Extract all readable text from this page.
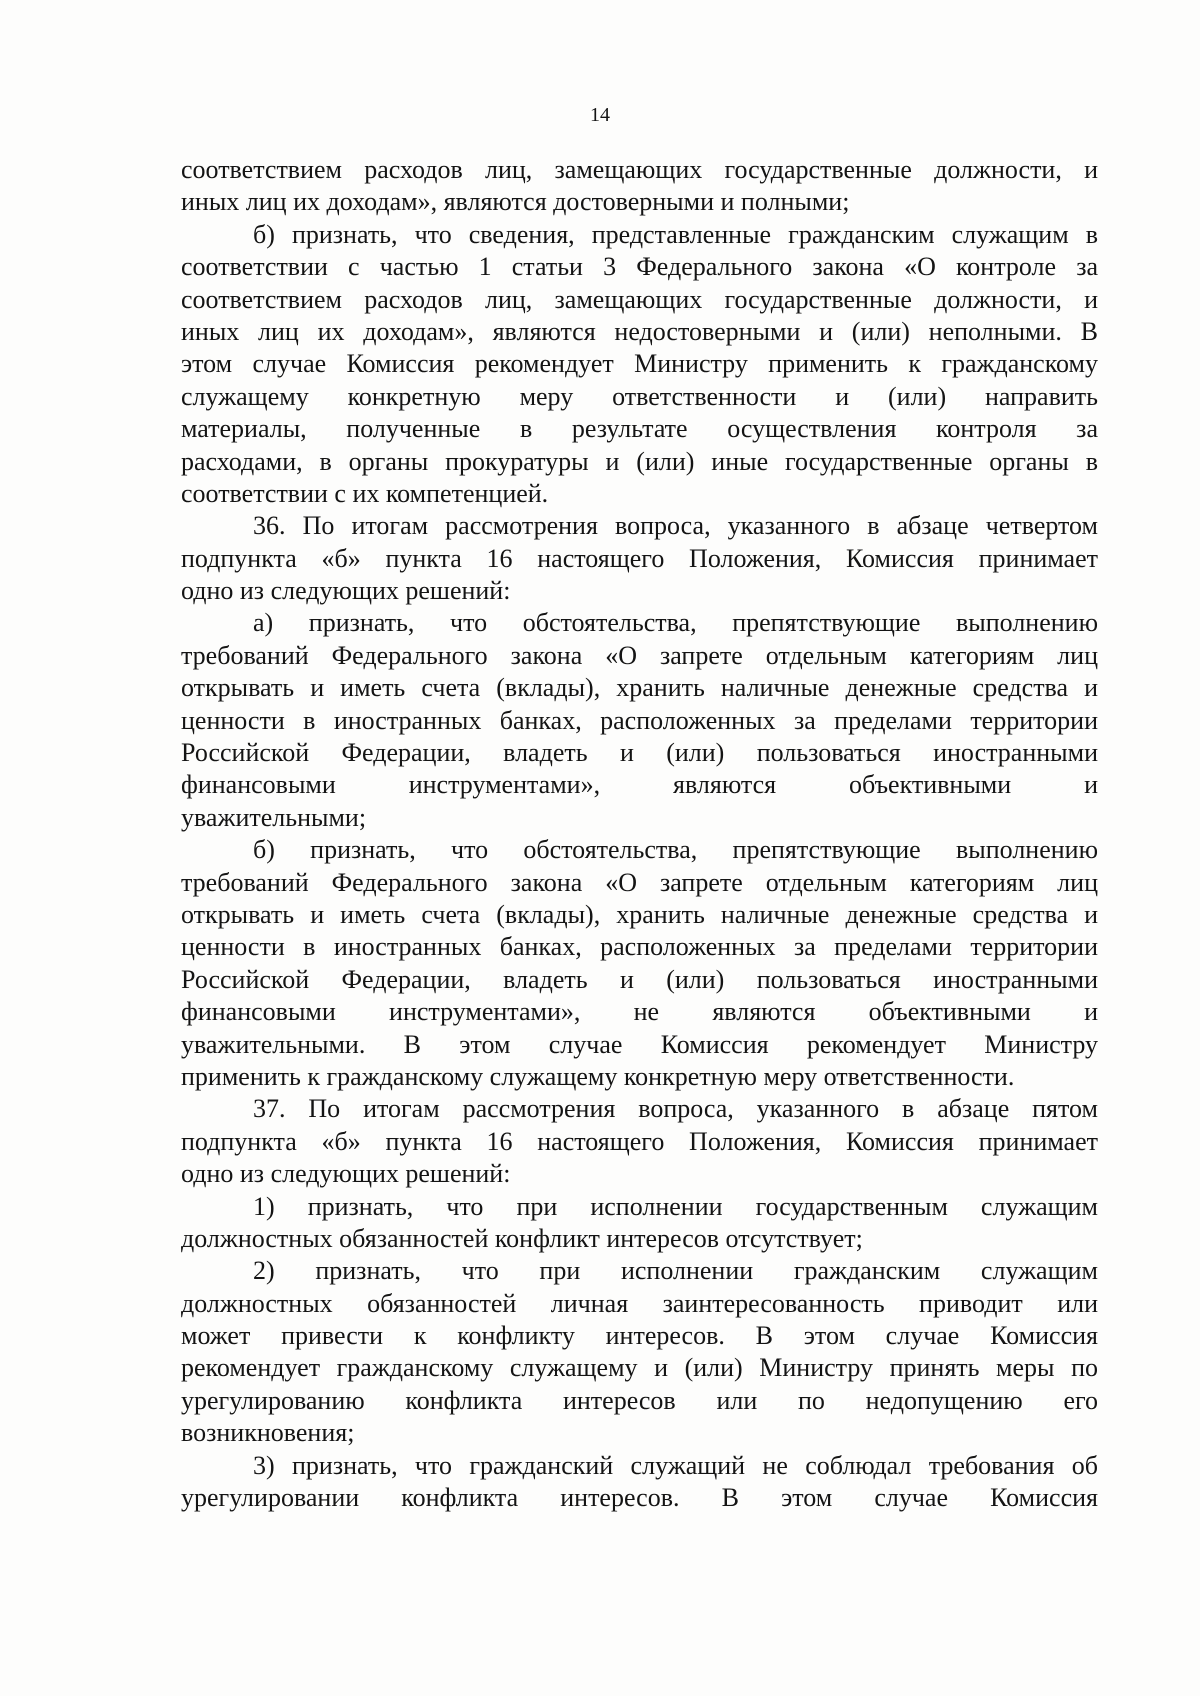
14
соответствием расходов лиц, замещающих государственные должности, и
иных лиц их доходам», являются достоверными и полными;
б) признать, что сведения, представленные гражданским служащим в
соответствии с частью 1 статьи 3 Федерального закона «О контроле за
соответствием расходов лиц, замещающих государственные должности, и
иных лиц их доходам», являются недостоверными и (или) неполными. В
этом случае Комиссия рекомендует Министру применить к гражданскому
служащему конкретную меру ответственности и (или) направить
материалы, полученные в результате осуществления контроля за
расходами, в органы прокуратуры и (или) иные государственные органы в
соответствии с их компетенцией.
36. По итогам рассмотрения вопроса, указанного в абзаце четвертом
подпункта «б» пункта 16 настоящего Положения, Комиссия принимает
одно из следующих решений:
а) признать, что обстоятельства, препятствующие выполнению
требований Федерального закона «О запрете отдельным категориям лиц
открывать и иметь счета (вклады), хранить наличные денежные средства и
ценности в иностранных банках, расположенных за пределами территории
Российской Федерации, владеть и (или) пользоваться иностранными
финансовыми инструментами», являются объективными и
уважительными;
б) признать, что обстоятельства, препятствующие выполнению
требований Федерального закона «О запрете отдельным категориям лиц
открывать и иметь счета (вклады), хранить наличные денежные средства и
ценности в иностранных банках, расположенных за пределами территории
Российской Федерации, владеть и (или) пользоваться иностранными
финансовыми инструментами», не являются объективными и
уважительными. В этом случае Комиссия рекомендует Министру
применить к гражданскому служащему конкретную меру ответственности.
37. По итогам рассмотрения вопроса, указанного в абзаце пятом
подпункта «б» пункта 16 настоящего Положения, Комиссия принимает
одно из следующих решений:
1) признать, что при исполнении государственным служащим
должностных обязанностей конфликт интересов отсутствует;
2) признать, что при исполнении гражданским служащим
должностных обязанностей личная заинтересованность приводит или
может привести к конфликту интересов. В этом случае Комиссия
рекомендует гражданскому служащему и (или) Министру принять меры по
урегулированию конфликта интересов или по недопущению его
возникновения;
3) признать, что гражданский служащий не соблюдал требования об
урегулировании конфликта интересов. В этом случае Комиссия
